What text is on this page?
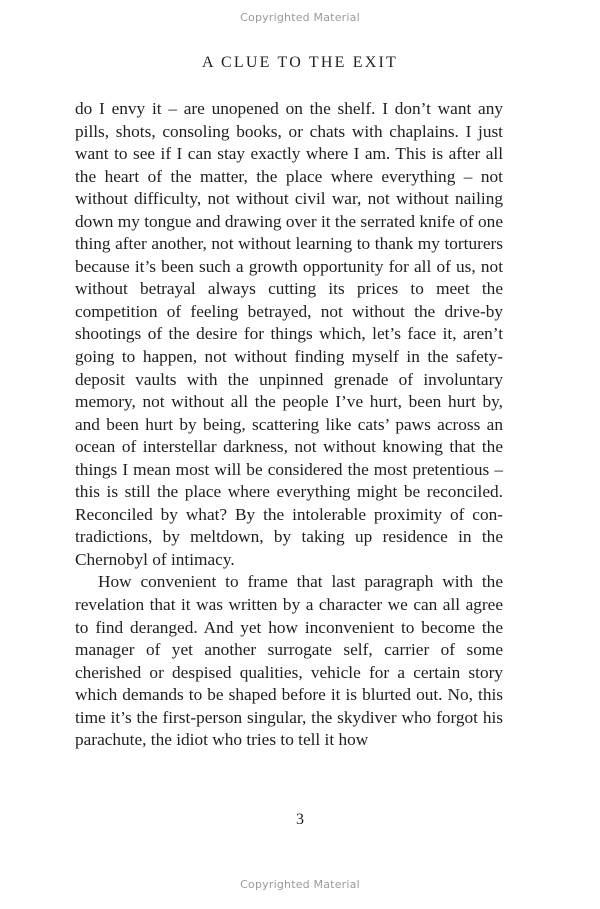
Copyrighted Material
A CLUE TO THE EXIT

do I envy it – are unopened on the shelf. I don’t want any pills, shots, consoling books, or chats with chaplains. I just want to see if I can stay exactly where I am. This is after all the heart of the matter, the place where everything – not without difficulty, not without civil war, not without nailing down my tongue and drawing over it the serrated knife of one thing after another, not without learning to thank my torturers because it’s been such a growth opportunity for all of us, not without betrayal always cutting its prices to meet the competition of feeling betrayed, not without the drive-by shootings of the desire for things which, let’s face it, aren’t going to happen, not without finding myself in the safety-deposit vaults with the unpinned grenade of involuntary memory, not without all the people I’ve hurt, been hurt by, and been hurt by being, scattering like cats’ paws across an ocean of interstellar darkness, not without knowing that the things I mean most will be considered the most pretentious – this is still the place where everything might be reconciled. Reconciled by what? By the intolerable proximity of contradictions, by meltdown, by taking up residence in the Chernobyl of intimacy.

How convenient to frame that last paragraph with the revelation that it was written by a character we can all agree to find deranged. And yet how inconvenient to become the manager of yet another surrogate self, carrier of some cherished or despised qualities, vehicle for a certain story which demands to be shaped before it is blurted out. No, this time it’s the first-person singular, the skydiver who forgot his parachute, the idiot who tries to tell it how

3
Copyrighted Material
